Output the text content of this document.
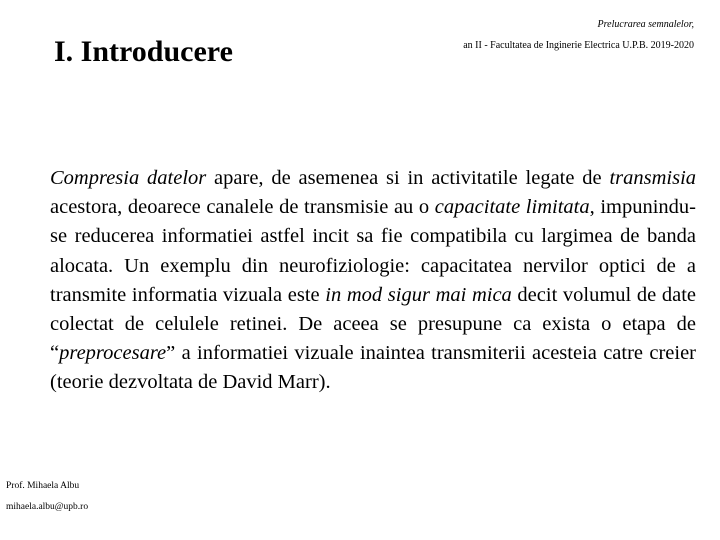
Prelucrarea semnalelor,
an II - Facultatea de Inginerie Electrica U.P.B. 2019-2020
I. Introducere

Compresia datelor apare, de asemenea si in activitatile legate de transmisia acestora, deoarece canalele de transmisie au o capacitate limitata, impunindu-se reducerea informatiei astfel incit sa fie compatibila cu largimea de banda alocata. Un exemplu din neurofiziologie: capacitatea nervilor optici de a transmite informatia vizuala este in mod sigur mai mica decit volumul de date colectat de celulele retinei. De aceea se presupune ca exista o etapa de “preprocesare” a informatiei vizuale inaintea transmiterii acesteia catre creier (teorie dezvoltata de David Marr).

Prof. Mihaela Albu
mihaela.albu@upb.ro
